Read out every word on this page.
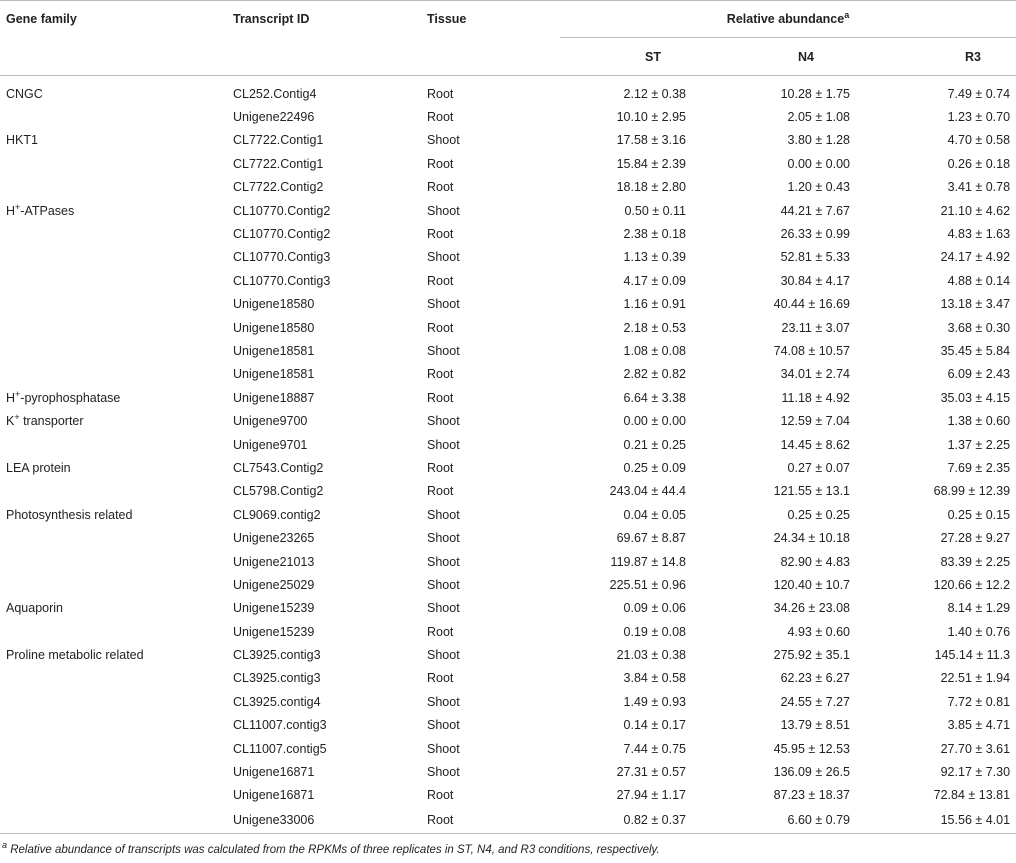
Gene family	Transcript ID	Tissue	Relative abundance$^a$
			ST	N4	R3
CNGC	CL252.Contig4	Root	2.12 ± 0.38	10.28 ± 1.75	7.49 ± 0.74
	Unigene22496	Root	10.10 ± 2.95	2.05 ± 1.08	1.23 ± 0.70
HKT1	CL7722.Contig1	Shoot	17.58 ± 3.16	3.80 ± 1.28	4.70 ± 0.58
	CL7722.Contig1	Root	15.84 ± 2.39	0.00 ± 0.00	0.26 ± 0.18
	CL7722.Contig2	Root	18.18 ± 2.80	1.20 ± 0.43	3.41 ± 0.78
H+-ATPases	CL10770.Contig2	Shoot	0.50 ± 0.11	44.21 ± 7.67	21.10 ± 4.62
	CL10770.Contig2	Root	2.38 ± 0.18	26.33 ± 0.99	4.83 ± 1.63
	CL10770.Contig3	Shoot	1.13 ± 0.39	52.81 ± 5.33	24.17 ± 4.92
	CL10770.Contig3	Root	4.17 ± 0.09	30.84 ± 4.17	4.88 ± 0.14
	Unigene18580	Shoot	1.16 ± 0.91	40.44 ± 16.69	13.18 ± 3.47
	Unigene18580	Root	2.18 ± 0.53	23.11 ± 3.07	3.68 ± 0.30
	Unigene18581	Shoot	1.08 ± 0.08	74.08 ± 10.57	35.45 ± 5.84
	Unigene18581	Root	2.82 ± 0.82	34.01 ± 2.74	6.09 ± 2.43
H+-pyrophosphatase	Unigene18887	Root	6.64 ± 3.38	11.18 ± 4.92	35.03 ± 4.15
K+ transporter	Unigene9700	Shoot	0.00 ± 0.00	12.59 ± 7.04	1.38 ± 0.60
	Unigene9701	Shoot	0.21 ± 0.25	14.45 ± 8.62	1.37 ± 2.25
LEA protein	CL7543.Contig2	Root	0.25 ± 0.09	0.27 ± 0.07	7.69 ± 2.35
	CL5798.Contig2	Root	243.04 ± 44.4	121.55 ± 13.1	68.99 ± 12.39
Photosynthesis related	CL9069.contig2	Shoot	0.04 ± 0.05	0.25 ± 0.25	0.25 ± 0.15
	Unigene23265	Shoot	69.67 ± 8.87	24.34 ± 10.18	27.28 ± 9.27
	Unigene21013	Shoot	119.87 ± 14.8	82.90 ± 4.83	83.39 ± 2.25
	Unigene25029	Shoot	225.51 ± 0.96	120.40 ± 10.7	120.66 ± 12.2
Aquaporin	Unigene15239	Shoot	0.09 ± 0.06	34.26 ± 23.08	8.14 ± 1.29
	Unigene15239	Root	0.19 ± 0.08	4.93 ± 0.60	1.40 ± 0.76
Proline metabolic related	CL3925.contig3	Shoot	21.03 ± 0.38	275.92 ± 35.1	145.14 ± 11.3
	CL3925.contig3	Root	3.84 ± 0.58	62.23 ± 6.27	22.51 ± 1.94
	CL3925.contig4	Shoot	1.49 ± 0.93	24.55 ± 7.27	7.72 ± 0.81
	CL11007.contig3	Shoot	0.14 ± 0.17	13.79 ± 8.51	3.85 ± 4.71
	CL11007.contig5	Shoot	7.44 ± 0.75	45.95 ± 12.53	27.70 ± 3.61
	Unigene16871	Shoot	27.31 ± 0.57	136.09 ± 26.5	92.17 ± 7.30
	Unigene16871	Root	27.94 ± 1.17	87.23 ± 18.37	72.84 ± 13.81
	Unigene33006	Root	0.82 ± 0.37	6.60 ± 0.79	15.56 ± 4.01
$^a$ Relative abundance of transcripts was calculated from the RPKMs of three replicates in ST, N4, and R3 conditions, respectively.
